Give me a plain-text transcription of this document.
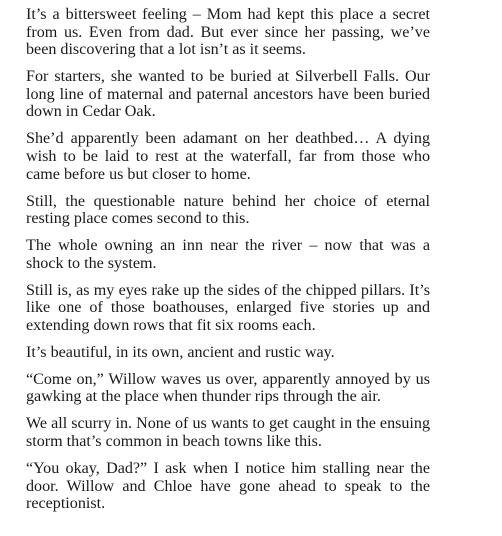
It’s a bittersweet feeling – Mom had kept this place a secret from us. Even from dad. But ever since her passing, we’ve been discovering that a lot isn’t as it seems.

For starters, she wanted to be buried at Silverbell Falls. Our long line of maternal and paternal ancestors have been buried down in Cedar Oak.

She’d apparently been adamant on her deathbed… A dying wish to be laid to rest at the waterfall, far from those who came before us but closer to home.

Still, the questionable nature behind her choice of eternal resting place comes second to this.

The whole owning an inn near the river – now that was a shock to the system.

Still is, as my eyes rake up the sides of the chipped pillars. It’s like one of those boathouses, enlarged five stories up and extending down rows that fit six rooms each.

It’s beautiful, in its own, ancient and rustic way.

“Come on,” Willow waves us over, apparently annoyed by us gawking at the place when thunder rips through the air.

We all scurry in. None of us wants to get caught in the ensuing storm that’s common in beach towns like this.

“You okay, Dad?” I ask when I notice him stalling near the door. Willow and Chloe have gone ahead to speak to the receptionist.
